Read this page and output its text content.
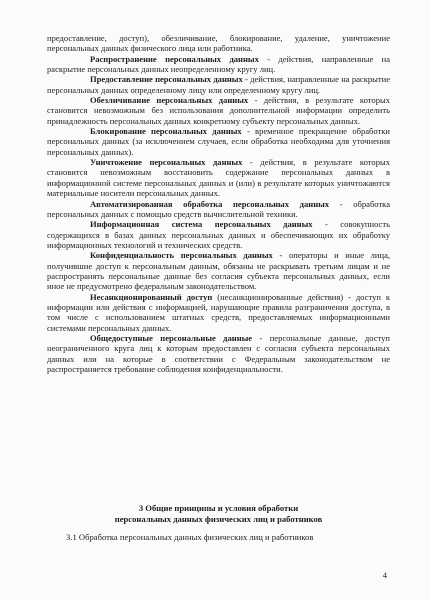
предоставление, доступ), обезличивание, блокирование, удаление, уничтожение персональных данных физического лица или работника.

Распространение персональных данных - действия, направленные на раскрытие персональных данных неопределенному кругу лиц.

Предоставление персональных данных - действия, направленные на раскрытие персональных данных определенному лицу или определенному кругу лиц.

Обезличивание персональных данных - действия, в результате которых становится невозможным без использования дополнительной информации определить принадлежность персональных данных конкретному субъекту персональных данных.

Блокирование персональных данных - временное прекращение обработки персональных данных (за исключением случаев, если обработка необходима для уточнения персональных данных).

Уничтожение персональных данных - действия, в результате которых становится невозможным восстановить содержание персональных данных в информационной системе персональных данных и (или) в результате которых уничтожаются материальные носители персональных данных.

Автоматизированная обработка персональных данных - обработка персональных данных с помощью средств вычислительной техники.

Информационная система персональных данных - совокупность содержащихся в базах данных персональных данных и обеспечивающих их обработку информационных технологий и технических средств.

Конфиденциальность персональных данных - операторы и иные лица, получившие доступ к персональным данным, обязаны не раскрывать третьим лицам и не распространять персональные данные без согласия субъекта персональных данных, если иное не предусмотрено федеральным законодательством.

Несанкционированный доступ (несанкционированные действия) - доступ к информации или действия с информацией, нарушающие правила разграничения доступа, в том числе с использованием штатных средств, предоставляемых информационными системами персональных данных.

Общедоступные персональные данные - персональные данные, доступ неограниченного круга лиц к которым предоставлен с согласия субъекта персональных данных или на которые в соответствии с Федеральным законодательством не распространяется требование соблюдения конфиденциальности.

3 Общие принципы и условия обработки
персональных данных физических лиц и работников
3.1 Обработка персональных данных физических лиц и работников
4
